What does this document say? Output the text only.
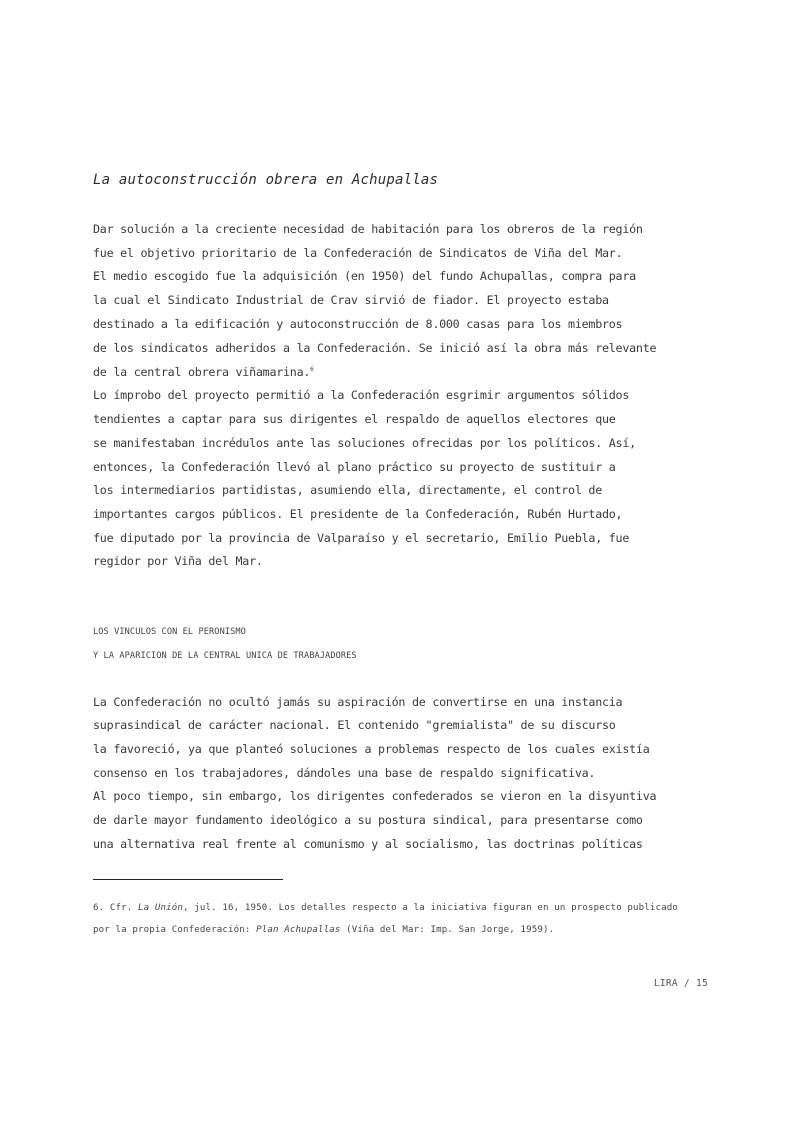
La autoconstrucción obrera en Achupallas
Dar solución a la creciente necesidad de habitación para los obreros de la región
fue el objetivo prioritario de la Confederación de Sindicatos de Viña del Mar.
El medio escogido fue la adquisición (en 1950) del fundo Achupallas, compra para
la cual el Sindicato Industrial de Crav sirvió de fiador. El proyecto estaba
destinado a la edificación y autoconstrucción de 8.000 casas para los miembros
de los sindicatos adheridos a la Confederación. Se inició así la obra más relevante
de la central obrera viñamarina.$^6$
Lo ímprobo del proyecto permitió a la Confederación esgrimir argumentos sólidos
tendientes a captar para sus dirigentes el respaldo de aquellos electores que
se manifestaban incrédulos ante las soluciones ofrecidas por los políticos. Así,
entonces, la Confederación llevó al plano práctico su proyecto de sustituir a
los intermediarios partidistas, asumiendo ella, directamente, el control de
importantes cargos públicos. El presidente de la Confederación, Rubén Hurtado,
fue diputado por la provincia de Valparaíso y el secretario, Emilio Puebla, fue
regidor por Viña del Mar.
LOS VINCULOS CON EL PERONISMO
Y LA APARICION DE LA CENTRAL UNICA DE TRABAJADORES
La Confederación no ocultó jamás su aspiración de convertirse en una instancia
suprasindical de carácter nacional. El contenido "gremialista" de su discurso
la favoreció, ya que planteó soluciones a problemas respecto de los cuales existía
consenso en los trabajadores, dándoles una base de respaldo significativa.
Al poco tiempo, sin embargo, los dirigentes confederados se vieron en la disyuntiva
de darle mayor fundamento ideológico a su postura sindical, para presentarse como
una alternativa real frente al comunismo y al socialismo, las doctrinas políticas
6. Cfr. La Unión, jul. 16, 1950. Los detalles respecto a la iniciativa figuran en un prospecto publicado
por la propia Confederación: Plan Achupallas (Viña del Mar: Imp. San Jorge, 1959).
LIRA / 15
